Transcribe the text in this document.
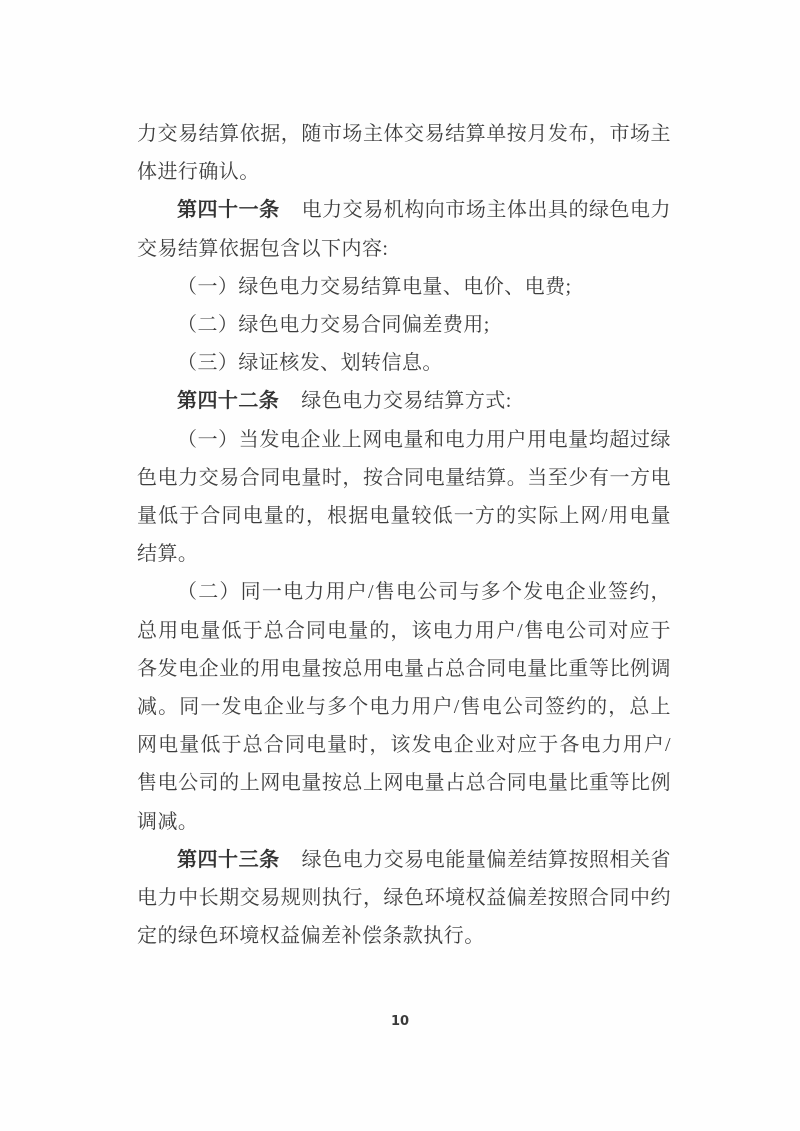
力交易结算依据，随市场主体交易结算单按月发布，市场主体进行确认。

第四十一条 电力交易机构向市场主体出具的绿色电力交易结算依据包含以下内容:

（一）绿色电力交易结算电量、电价、电费;

（二）绿色电力交易合同偏差费用;

（三）绿证核发、划转信息。

第四十二条 绿色电力交易结算方式:

（一）当发电企业上网电量和电力用户用电量均超过绿色电力交易合同电量时，按合同电量结算。当至少有一方电量低于合同电量的，根据电量较低一方的实际上网/用电量结算。

（二）同一电力用户/售电公司与多个发电企业签约，总用电量低于总合同电量的，该电力用户/售电公司对应于各发电企业的用电量按总用电量占总合同电量比重等比例调减。同一发电企业与多个电力用户/售电公司签约的，总上网电量低于总合同电量时，该发电企业对应于各电力用户/售电公司的上网电量按总上网电量占总合同电量比重等比例调减。

第四十三条 绿色电力交易电能量偏差结算按照相关省电力中长期交易规则执行，绿色环境权益偏差按照合同中约定的绿色环境权益偏差补偿条款执行。

10
